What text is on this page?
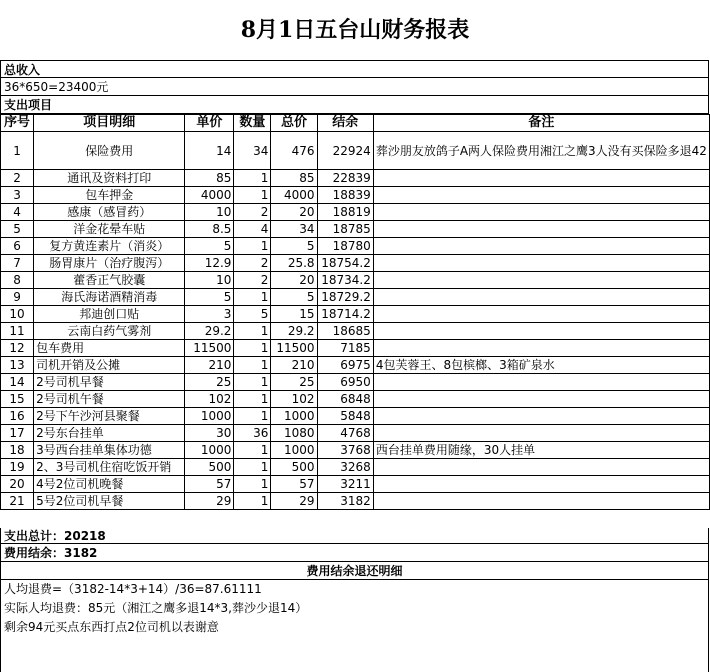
8月1日五台山财务报表
总收入
36*650=23400元
支出项目
序号	项目明细	单价	数量	总价	结余	备注
1	保险费用	14	34	476	22924	葬沙朋友放鸽子A两人保险费用湘江之鹰3人没有买保险多退42
2	通讯及资料打印	85	1	85	22839	
3	包车押金	4000	1	4000	18839	
4	感康（感冒药）	10	2	20	18819	
5	洋金花晕车贴	8.5	4	34	18785	
6	复方黄连素片（消炎）	5	1	5	18780	
7	肠胃康片（治疗腹泻）	12.9	2	25.8	18754.2	
8	藿香正气胶囊	10	2	20	18734.2	
9	海氏海诺酒精消毒	5	1	5	18729.2	
10	邦迪创口贴	3	5	15	18714.2	
11	云南白药气雾剂	29.2	1	29.2	18685	
12	包车费用	11500	1	11500	7185	
13	司机开销及公摊	210	1	210	6975	4包芙蓉王、8包槟榔、3箱矿泉水
14	2号司机早餐	25	1	25	6950	
15	2号司机午餐	102	1	102	6848	
16	2号下午沙河县聚餐	1000	1	1000	5848	
17	2号东台挂单	30	36	1080	4768	
18	3号西台挂单集体功德	1000	1	1000	3768	西台挂单费用随缘，30人挂单
19	2、3号司机住宿吃饭开销	500	1	500	3268	
20	4号2位司机晚餐	57	1	57	3211	
21	5号2位司机早餐	29	1	29	3182	
支出总计：20218
费用结余：3182
费用结余退还明细
人均退费=（3182-14*3+14）/36=87.61111
实际人均退费：85元（湘江之鹰多退14*3,葬沙少退14）
剩余94元买点东西打点2位司机以表谢意
